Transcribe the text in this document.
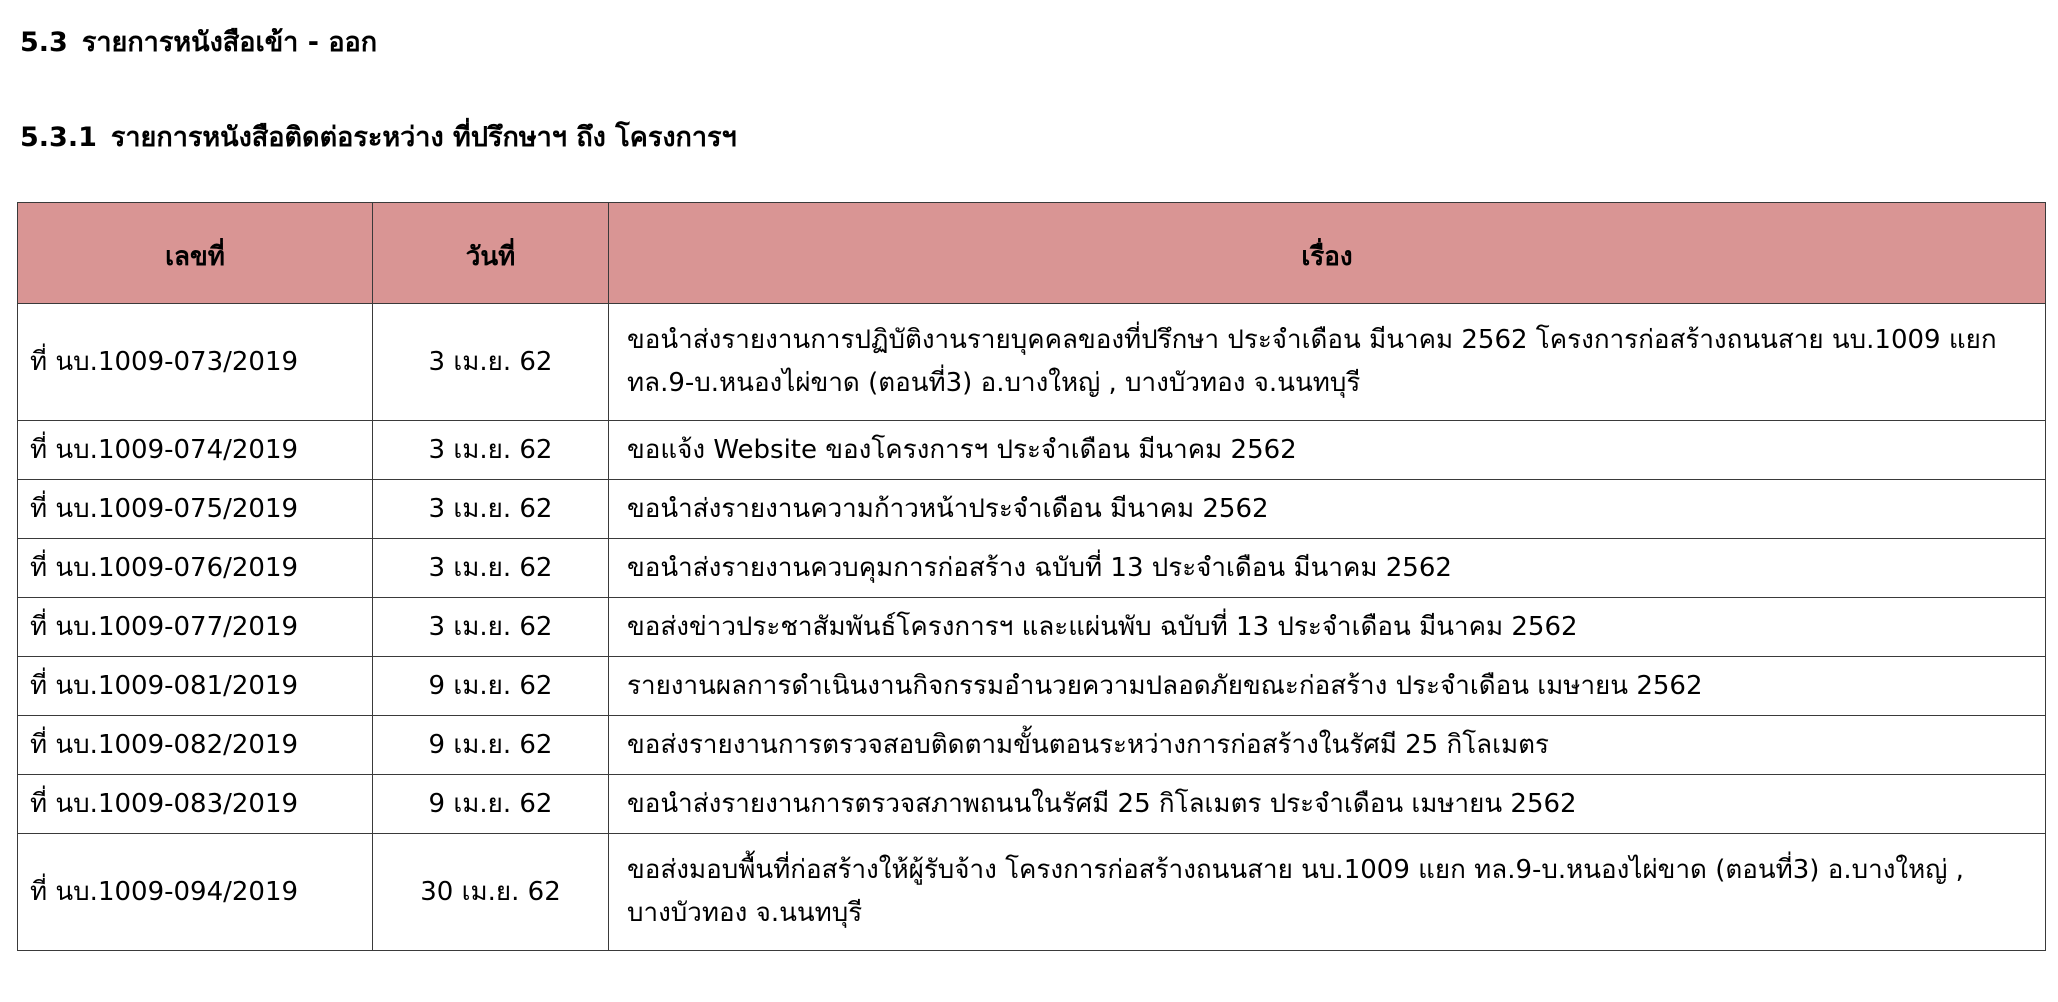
5.3 รายการหนังสือเข้า - ออก
5.3.1 รายการหนังสือติดต่อระหว่าง ที่ปรึกษาฯ ถึง โครงการฯ
เลขที่	วันที่	เรื่อง
ที่ นบ.1009-073/2019	3 เม.ย. 62	ขอนำส่งรายงานการปฏิบัติงานรายบุคคลของที่ปรึกษา ประจำเดือน มีนาคม 2562 โครงการก่อสร้างถนนสาย นบ.1009 แยก ทล.9-บ.หนองไผ่ขาด (ตอนที่3) อ.บางใหญ่ , บางบัวทอง จ.นนทบุรี
ที่ นบ.1009-074/2019	3 เม.ย. 62	ขอแจ้ง Website ของโครงการฯ ประจำเดือน มีนาคม 2562
ที่ นบ.1009-075/2019	3 เม.ย. 62	ขอนำส่งรายงานความก้าวหน้าประจำเดือน มีนาคม 2562
ที่ นบ.1009-076/2019	3 เม.ย. 62	ขอนำส่งรายงานควบคุมการก่อสร้าง ฉบับที่ 13 ประจำเดือน มีนาคม 2562
ที่ นบ.1009-077/2019	3 เม.ย. 62	ขอส่งข่าวประชาสัมพันธ์โครงการฯ และแผ่นพับ ฉบับที่ 13 ประจำเดือน มีนาคม 2562
ที่ นบ.1009-081/2019	9 เม.ย. 62	รายงานผลการดำเนินงานกิจกรรมอำนวยความปลอดภัยขณะก่อสร้าง ประจำเดือน เมษายน 2562
ที่ นบ.1009-082/2019	9 เม.ย. 62	ขอส่งรายงานการตรวจสอบติดตามขั้นตอนระหว่างการก่อสร้างในรัศมี 25 กิโลเมตร
ที่ นบ.1009-083/2019	9 เม.ย. 62	ขอนำส่งรายงานการตรวจสภาพถนนในรัศมี 25 กิโลเมตร ประจำเดือน เมษายน 2562
ที่ นบ.1009-094/2019	30 เม.ย. 62	ขอส่งมอบพื้นที่ก่อสร้างให้ผู้รับจ้าง โครงการก่อสร้างถนนสาย นบ.1009 แยก ทล.9-บ.หนองไผ่ขาด (ตอนที่3) อ.บางใหญ่ , บางบัวทอง จ.นนทบุรี
